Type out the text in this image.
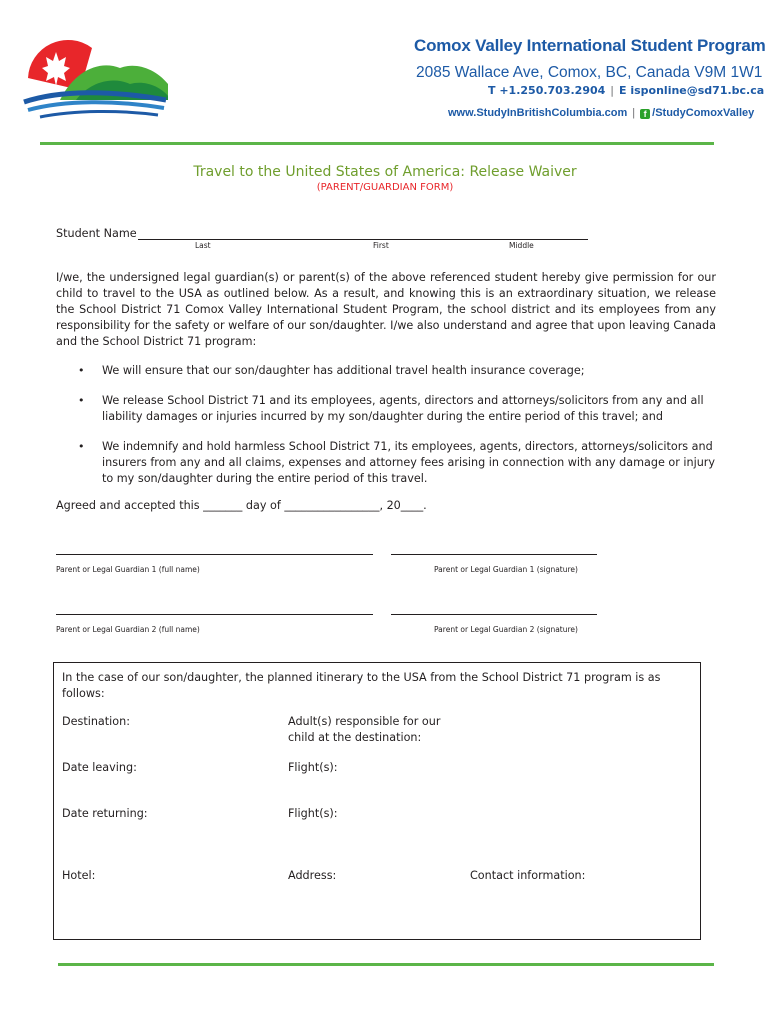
Comox Valley International Student Program
2085 Wallace Ave, Comox, BC, Canada V9M 1W1
T +1.250.703.2904 | E isponline@sd71.bc.ca
www.StudyInBritishColumbia.com | f /StudyComoxValley
Travel to the United States of America: Release Waiver
(PARENT/GUARDIAN FORM)
Student Name
Last	First	Middle
I/we, the undersigned legal guardian(s) or parent(s) of the above referenced student hereby give permission for our child to travel to the USA as outlined below. As a result, and knowing this is an extraordinary situation, we release the School District 71 Comox Valley International Student Program, the school district and its employees from any responsibility for the safety or welfare of our son/daughter. I/we also understand and agree that upon leaving Canada and the School District 71 program:
• We will ensure that our son/daughter has additional travel health insurance coverage;
• We release School District 71 and its employees, agents, directors and attorneys/solicitors from any and all liability damages or injuries incurred by my son/daughter during the entire period of this travel; and
• We indemnify and hold harmless School District 71, its employees, agents, directors, attorneys/solicitors and insurers from any and all claims, expenses and attorney fees arising in connection with any damage or injury to my son/daughter during the entire period of this travel.
Agreed and accepted this _______ day of _________________, 20____.
Parent or Legal Guardian 1 (full name)	Parent or Legal Guardian 1 (signature)
Parent or Legal Guardian 2 (full name)	Parent or Legal Guardian 2 (signature)
In the case of our son/daughter, the planned itinerary to the USA from the School District 71 program is as follows:
Destination:	Adult(s) responsible for our
child at the destination:
Date leaving:	Flight(s):
Date returning:	Flight(s):
Hotel:	Address:	Contact information:
